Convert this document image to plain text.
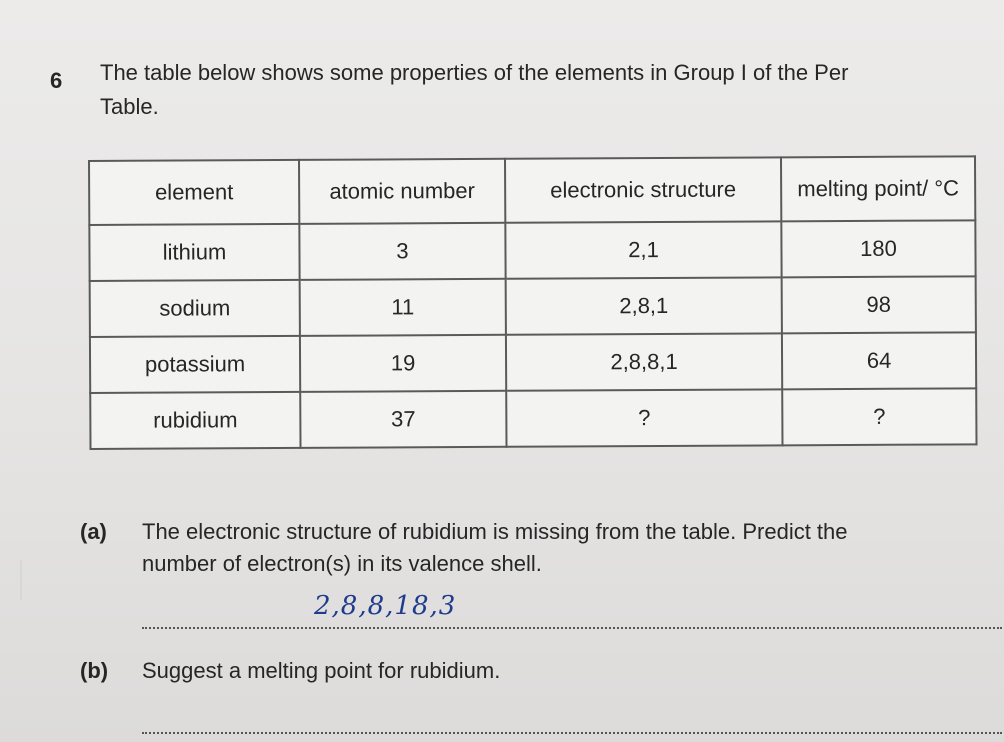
6 The table below shows some properties of the elements in Group I of the Per
Table.
element	atomic number	electronic structure	melting point/ °C
lithium	3	2,1	180
sodium	11	2,8,1	98
potassium	19	2,8,8,1	64
rubidium	37	?	?
(a) The electronic structure of rubidium is missing from the table. Predict the
number of electron(s) in its valence shell.
2,8,8,18,3
(b) Suggest a melting point for rubidium.
